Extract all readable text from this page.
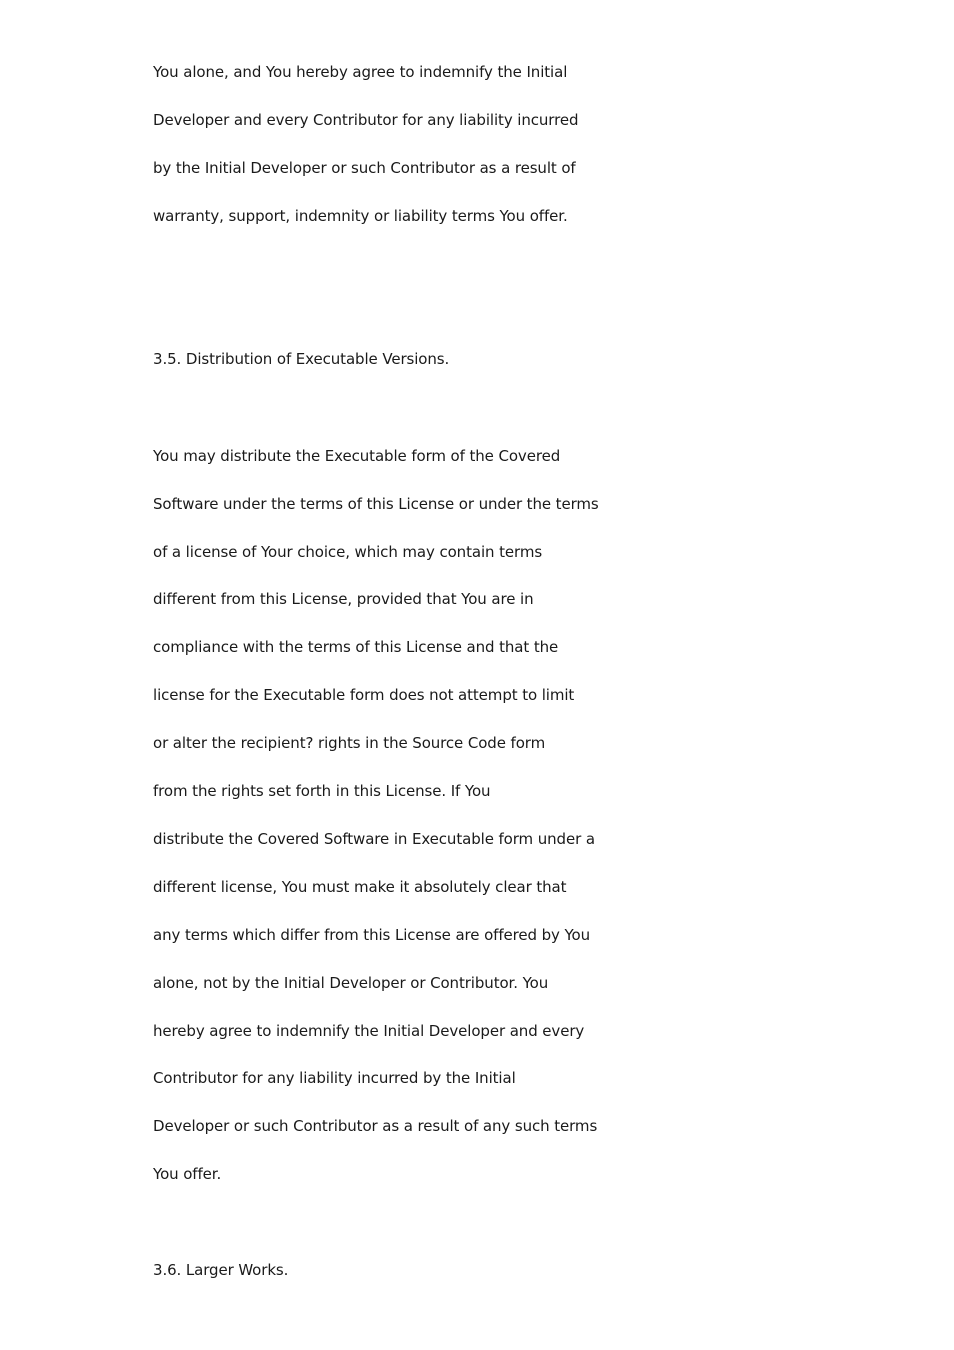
You alone, and You hereby agree to indemnify the Initial
Developer and every Contributor for any liability incurred
by the Initial Developer or such Contributor as a result of
warranty, support, indemnity or liability terms You offer.
3.5. Distribution of Executable Versions.
You may distribute the Executable form of the Covered
Software under the terms of this License or under the terms
of a license of Your choice, which may contain terms
different from this License, provided that You are in
compliance with the terms of this License and that the
license for the Executable form does not attempt to limit
or alter the recipient? rights in the Source Code form
from the rights set forth in this License. If You
distribute the Covered Software in Executable form under a
different license, You must make it absolutely clear that
any terms which differ from this License are offered by You
alone, not by the Initial Developer or Contributor. You
hereby agree to indemnify the Initial Developer and every
Contributor for any liability incurred by the Initial
Developer or such Contributor as a result of any such terms
You offer.
3.6. Larger Works.
